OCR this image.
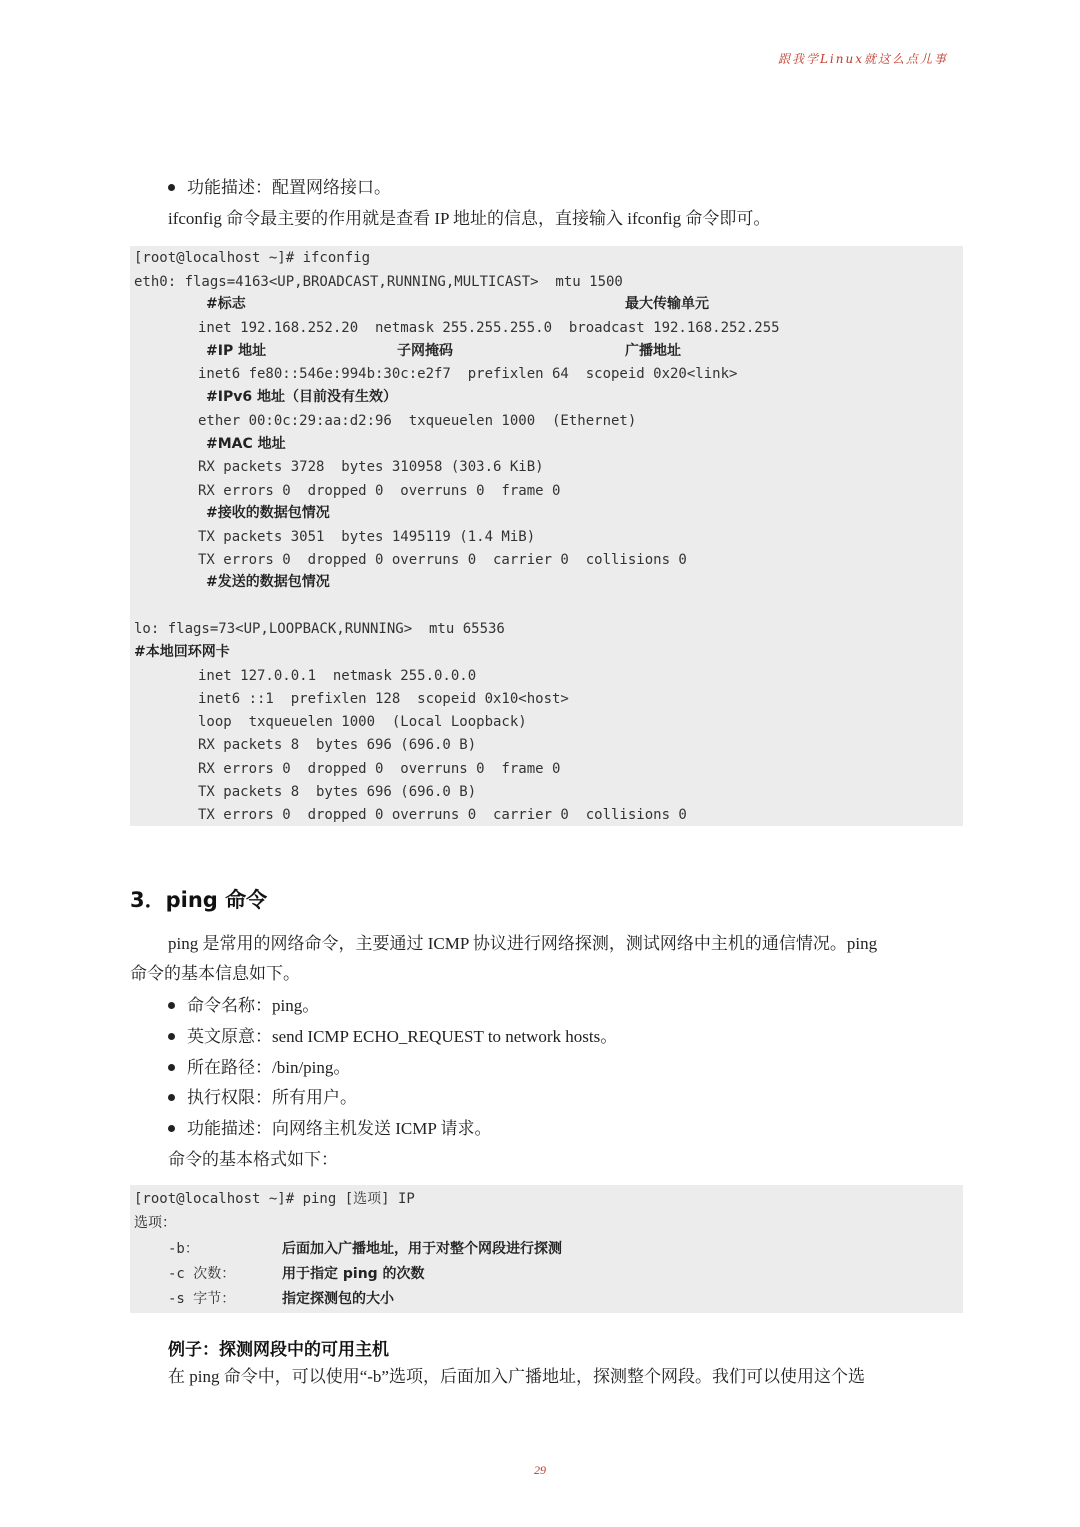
跟我学Linux就这么点儿事
功能描述：配置网络接口。
ifconfig 命令最主要的作用就是查看 IP 地址的信息，直接输入 ifconfig 命令即可。
[root@localhost ~]# ifconfig
eth0: flags=4163<UP,BROADCAST,RUNNING,MULTICAST>  mtu 1500
#标志	最大传输单元
inet 192.168.252.20  netmask 255.255.255.0  broadcast 192.168.252.255
#IP 地址	子网掩码	广播地址
inet6 fe80::546e:994b:30c:e2f7  prefixlen 64  scopeid 0x20<link>
#IPv6 地址（目前没有生效）
ether 00:0c:29:aa:d2:96  txqueuelen 1000  (Ethernet)
#MAC 地址
RX packets 3728  bytes 310958 (303.6 KiB)
RX errors 0  dropped 0  overruns 0  frame 0
#接收的数据包情况
TX packets 3051  bytes 1495119 (1.4 MiB)
TX errors 0  dropped 0 overruns 0  carrier 0  collisions 0
#发送的数据包情况
lo: flags=73<UP,LOOPBACK,RUNNING>  mtu 65536
#本地回环网卡
inet 127.0.0.1  netmask 255.0.0.0
inet6 ::1  prefixlen 128  scopeid 0x10<host>
loop  txqueuelen 1000  (Local Loopback)
RX packets 8  bytes 696 (696.0 B)
RX errors 0  dropped 0  overruns 0  frame 0
TX packets 8  bytes 696 (696.0 B)
TX errors 0  dropped 0 overruns 0  carrier 0  collisions 0
3．ping 命令
ping 是常用的网络命令，主要通过 ICMP 协议进行网络探测，测试网络中主机的通信情况。ping
命令的基本信息如下。
命令名称：ping。
英文原意：send ICMP ECHO_REQUEST to network hosts。
所在路径：/bin/ping。
执行权限：所有用户。
功能描述：向网络主机发送 ICMP 请求。
命令的基本格式如下：
[root@localhost ~]# ping [选项] IP
选项：
-b：	后面加入广播地址，用于对整个网段进行探测
-c 次数：	用于指定 ping 的次数
-s 字节：	指定探测包的大小
例子：探测网段中的可用主机
在 ping 命令中，可以使用“-b”选项，后面加入广播地址，探测整个网段。我们可以使用这个选
29
